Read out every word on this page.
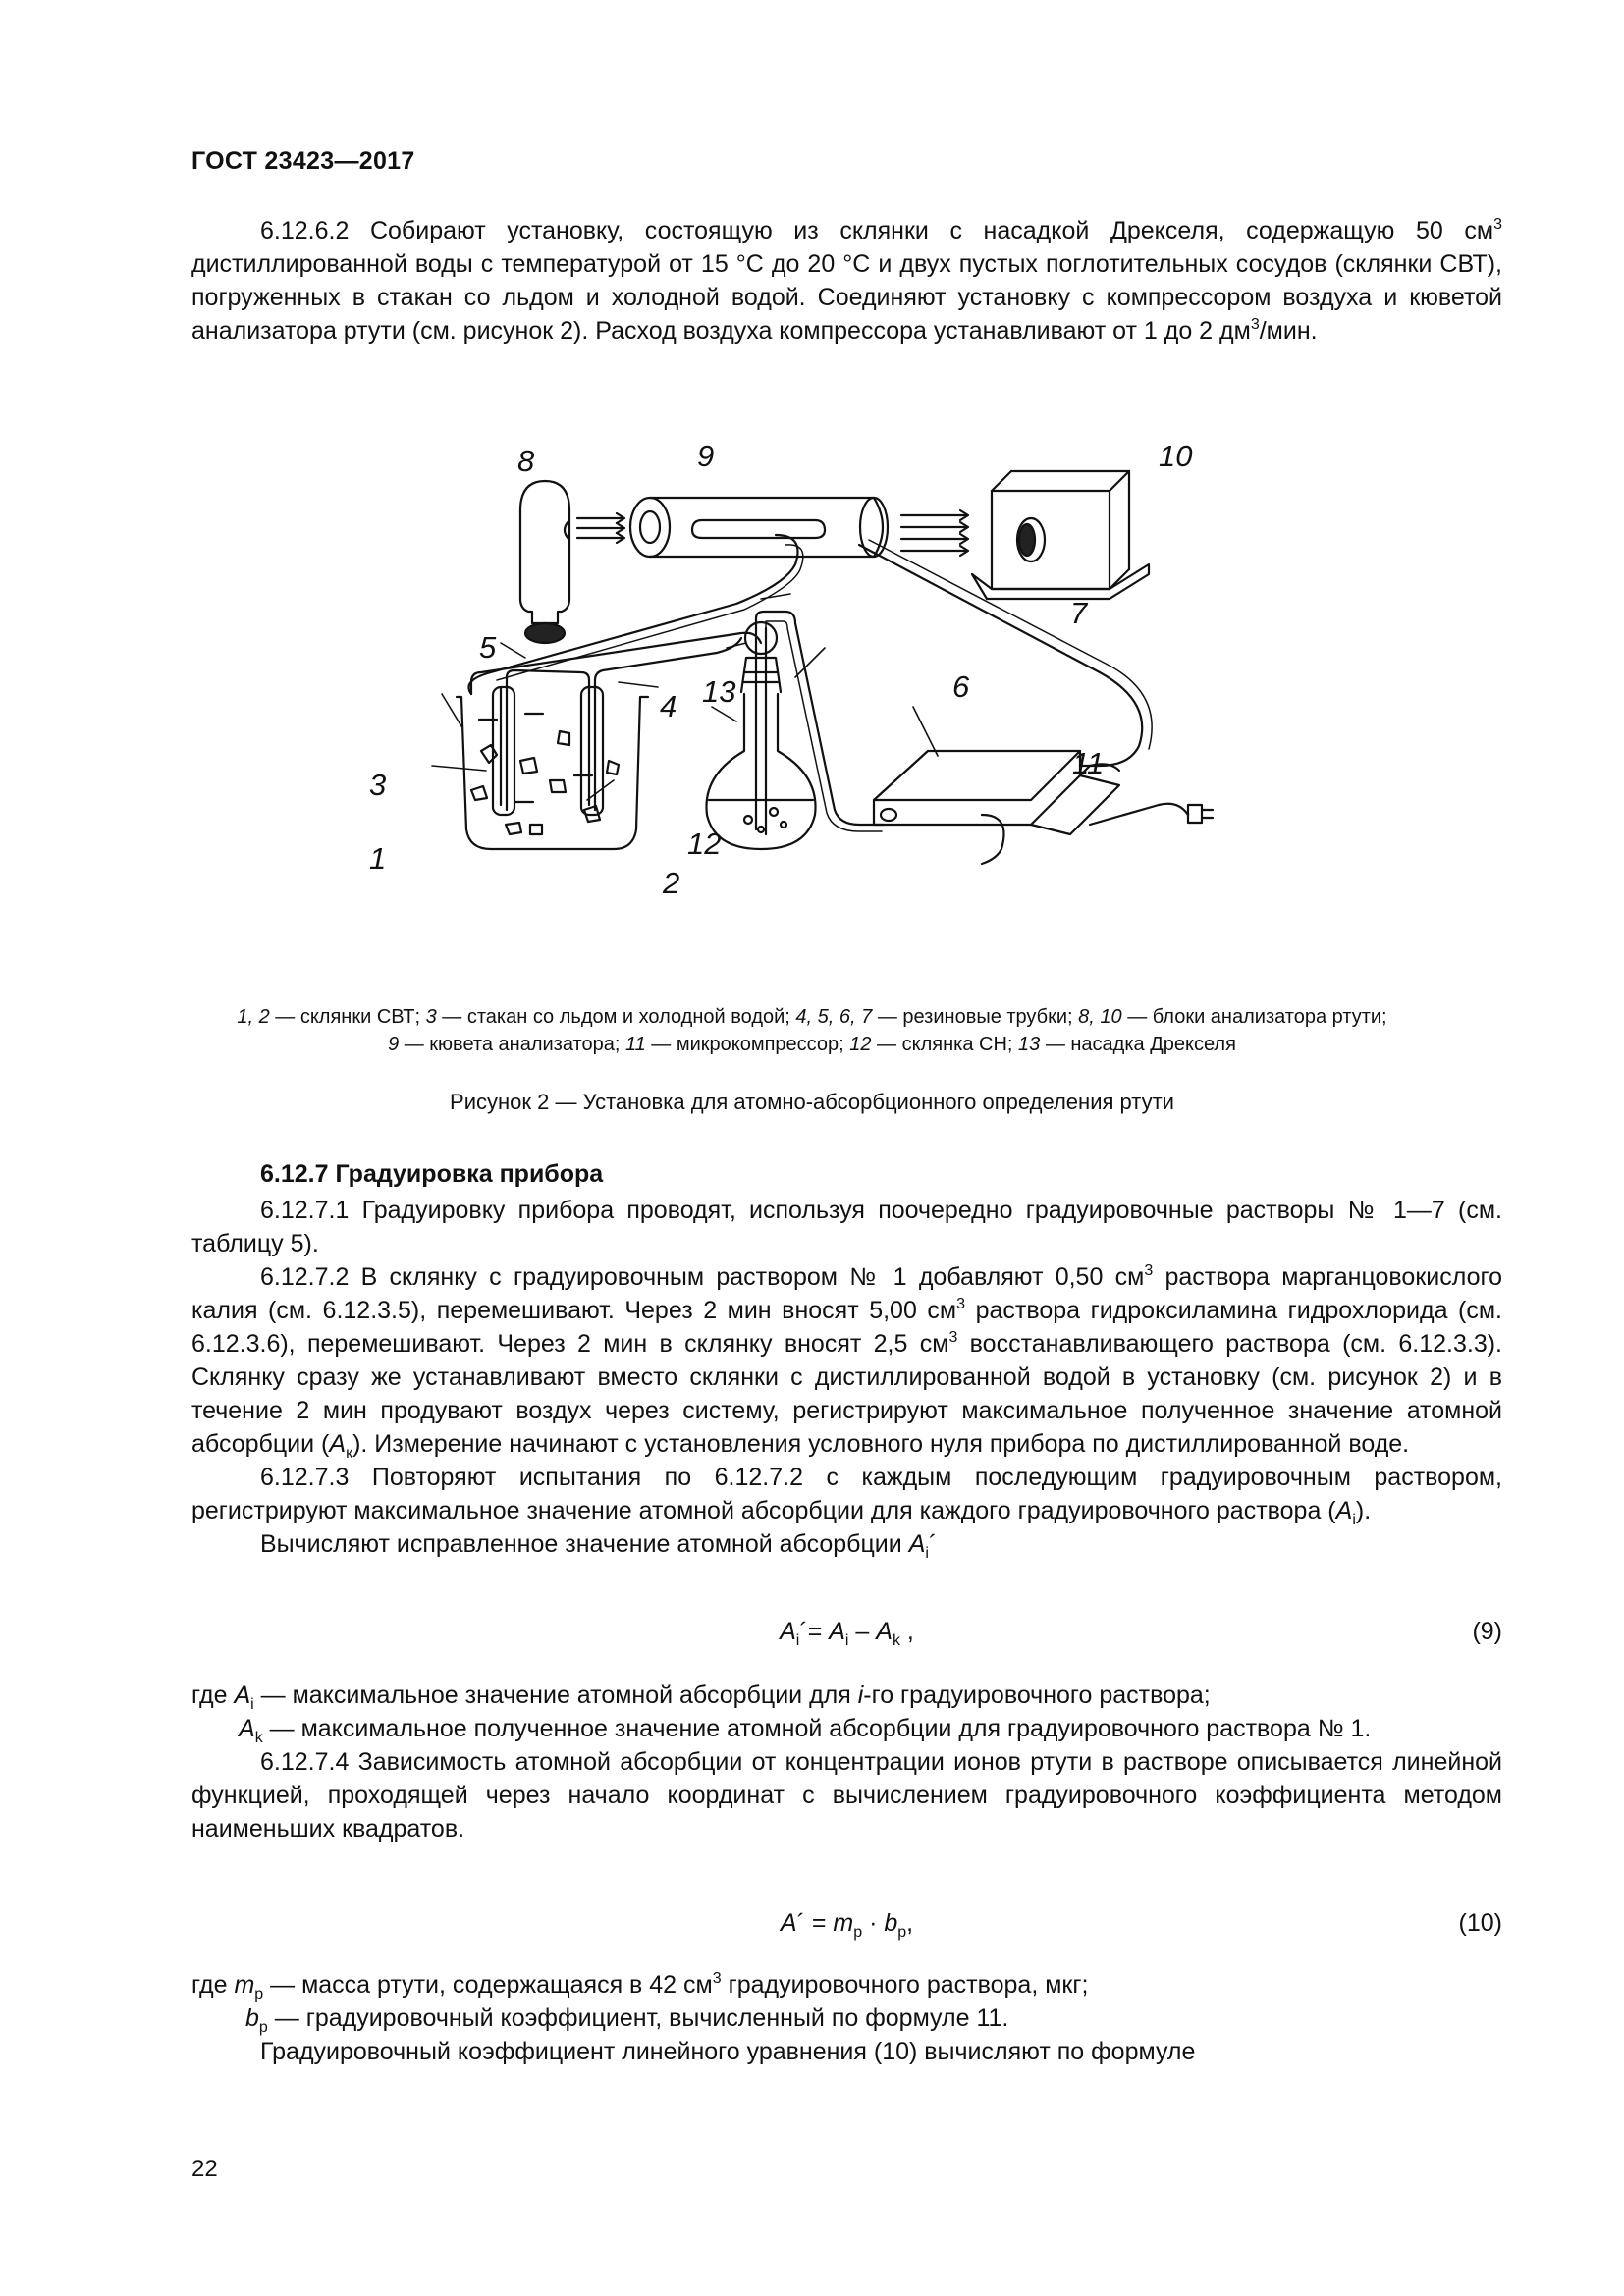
ГОСТ 23423—2017

6.12.6.2 Собирают установку, состоящую из склянки с насадкой Дрекселя, содержащую 50 $см^3$ дистиллированной воды с температурой от 15 °С до 20 °С и двух пустых поглотительных сосудов (склянки СВТ), погруженных в стакан со льдом и холодной водой. Соединяют установку с компрессором воздуха и кюветой анализатора ртути (см. рисунок 2). Расход воздуха компрессора устанавливают от 1 до 2 $дм^3$/мин.

8	9	10
7
5
4 13	6
3
11
1	12
2
1, 2 — склянки СВТ; 3 — стакан со льдом и холодной водой; 4, 5, 6, 7 — резиновые трубки; 8, 10 — блоки анализатора ртути;
9 — кювета анализатора; 11 — микрокомпрессор; 12 — склянка СН; 13 — насадка Дрекселя
Рисунок 2 — Установка для атомно-абсорбционного определения ртути
6.12.7 Градуировка прибора

6.12.7.1 Градуировку прибора проводят, используя поочередно градуировочные растворы № 1—7 (см. таблицу 5).

6.12.7.2 В склянку с градуировочным раствором № 1 добавляют 0,50 $см^3$ раствора марганцовокислого калия (см. 6.12.3.5), перемешивают. Через 2 мин вносят 5,00 $см^3$ раствора гидроксиламина гидрохлорида (см. 6.12.3.6), перемешивают. Через 2 мин в склянку вносят 2,5 $см^3$ восстанавливающего раствора (см. 6.12.3.3). Склянку сразу же устанавливают вместо склянки с дистиллированной водой в установку (см. рисунок 2) и в течение 2 мин продувают воздух через систему, регистрируют максимальное полученное значение атомной абсорбции $(A_к)$. Измерение начинают с установления условного нуля прибора по дистиллированной воде.

6.12.7.3 Повторяют испытания по 6.12.7.2 с каждым последующим градуировочным раствором, регистрируют максимальное значение атомной абсорбции для каждого градуировочного раствора $(A_i)$.

Вычисляют исправленное значение атомной абсорбции $A_i´$

$A_i´= A_i - A_k$ ,	(9)

где $A_i$ — максимальное значение атомной абсорбции для i-го градуировочного раствора;

$A_k$ — максимальное полученное значение атомной абсорбции для градуировочного раствора № 1.

6.12.7.4 Зависимость атомной абсорбции от концентрации ионов ртути в растворе описывается линейной функцией, проходящей через начало координат с вычислением градуировочного коэффициента методом наименьших квадратов.

A´ = $m_p \cdot b_p$,	(10)

где $m_p$ — масса ртути, содержащаяся в 42 $см^3$ градуировочного раствора, мкг;

$b_p$ — градуировочный коэффициент, вычисленный по формуле 11.

Градуировочный коэффициент линейного уравнения (10) вычисляют по формуле

22
